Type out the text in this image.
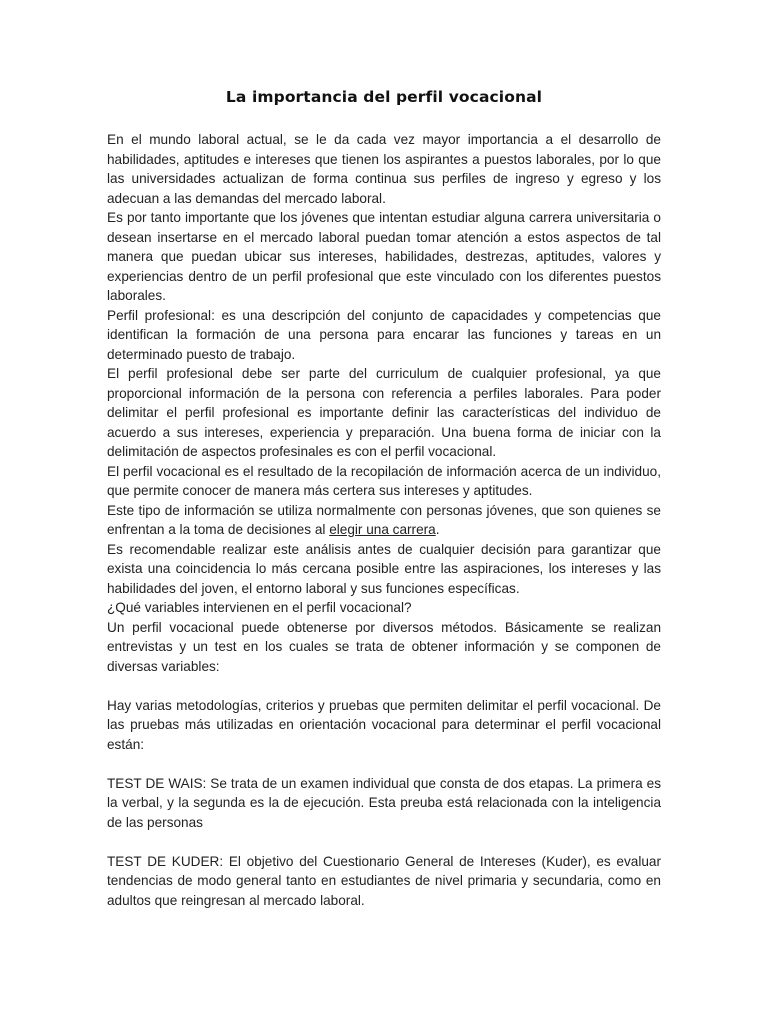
La importancia del perfil vocacional

En el mundo laboral actual, se le da cada vez mayor importancia a el desarrollo de habilidades, aptitudes e intereses que tienen los aspirantes a puestos laborales, por lo que las universidades actualizan de forma continua sus perfiles de ingreso y egreso y los adecuan a las demandas del mercado laboral.

Es por tanto importante que los jóvenes que intentan estudiar alguna carrera universitaria o desean insertarse en el mercado laboral puedan tomar atención a estos aspectos de tal manera que puedan ubicar sus intereses, habilidades, destrezas, aptitudes, valores y experiencias dentro de un perfil profesional que este vinculado con los diferentes puestos laborales.

Perfil profesional: es una descripción del conjunto de capacidades y competencias que identifican la formación de una persona para encarar las funciones y tareas en un determinado puesto de trabajo.

El perfil profesional debe ser parte del curriculum de cualquier profesional, ya que proporcional información de la persona con referencia a perfiles laborales. Para poder delimitar el perfil profesional es importante definir las características del individuo de acuerdo a sus intereses, experiencia y preparación. Una buena forma de iniciar con la delimitación de aspectos profesinales es con el perfil vocacional.

El perfil vocacional es el resultado de la recopilación de información acerca de un individuo, que permite conocer de manera más certera sus intereses y aptitudes.

Este tipo de información se utiliza normalmente con personas jóvenes, que son quienes se enfrentan a la toma de decisiones al elegir una carrera.

Es recomendable realizar este análisis antes de cualquier decisión para garantizar que exista una coincidencia lo más cercana posible entre las aspiraciones, los intereses y las habilidades del joven, el entorno laboral y sus funciones específicas.

¿Qué variables intervienen en el perfil vocacional?

Un perfil vocacional puede obtenerse por diversos métodos. Básicamente se realizan entrevistas y un test en los cuales se trata de obtener información y se componen de diversas variables:

Hay varias metodologías, criterios y pruebas que permiten delimitar el perfil vocacional. De las pruebas más utilizadas en orientación vocacional para determinar el perfil vocacional están:

TEST DE WAIS: Se trata de un examen individual que consta de dos etapas. La primera es la verbal, y la segunda es la de ejecución. Esta preuba está relacionada con la inteligencia de las personas

TEST DE KUDER: El objetivo del Cuestionario General de Intereses (Kuder), es evaluar tendencias de modo general tanto en estudiantes de nivel primaria y secundaria, como en adultos que reingresan al mercado laboral.
